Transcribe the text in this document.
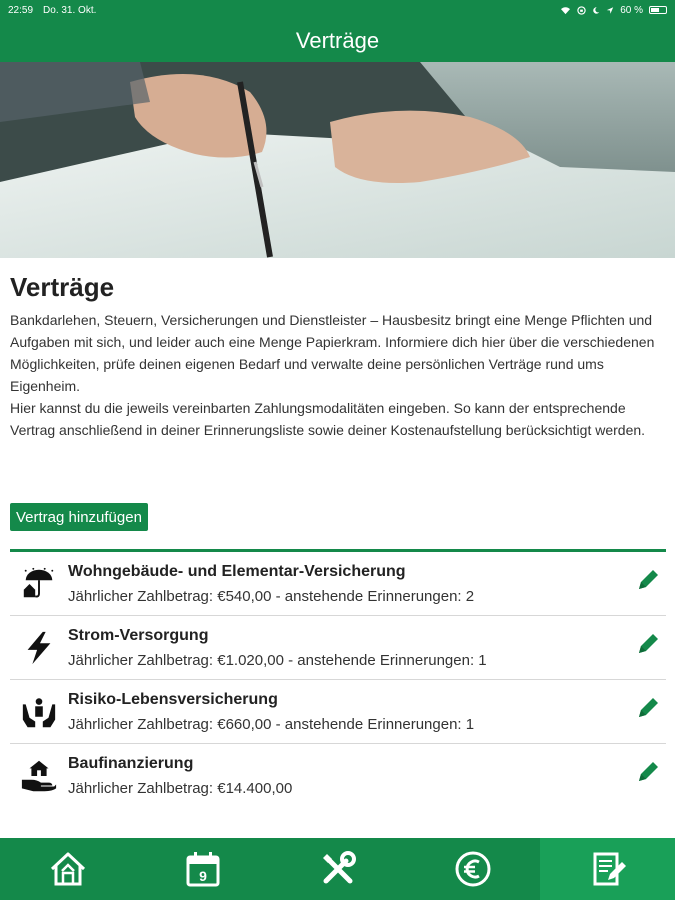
22:59 Do. 31. Okt.	60 %
Verträge
Verträge

Bankdarlehen, Steuern, Versicherungen und Dienstleister – Hausbesitz bringt eine Menge Pflichten und Aufgaben mit sich, und leider auch eine Menge Papierkram. Informiere dich hier über die verschiedenen Möglichkeiten, prüfe deinen eigenen Bedarf und verwalte deine persönlichen Verträge rund ums Eigenheim.

Hier kannst du die jeweils vereinbarten Zahlungsmodalitäten eingeben. So kann der entsprechende Vertrag anschließend in deiner Erinnerungsliste sowie deiner Kostenaufstellung berücksichtigt werden.

Vertrag hinzufügen
Wohngebäude- und Elementar-Versicherung
Jährlicher Zahlbetrag: €540,00 - anstehende Erinnerungen: 2
Strom-Versorgung
Jährlicher Zahlbetrag: €1.020,00 - anstehende Erinnerungen: 1
Risiko-Lebensversicherung
Jährlicher Zahlbetrag: €660,00 - anstehende Erinnerungen: 1
Baufinanzierung
Jährlicher Zahlbetrag: €14.400,00
9
